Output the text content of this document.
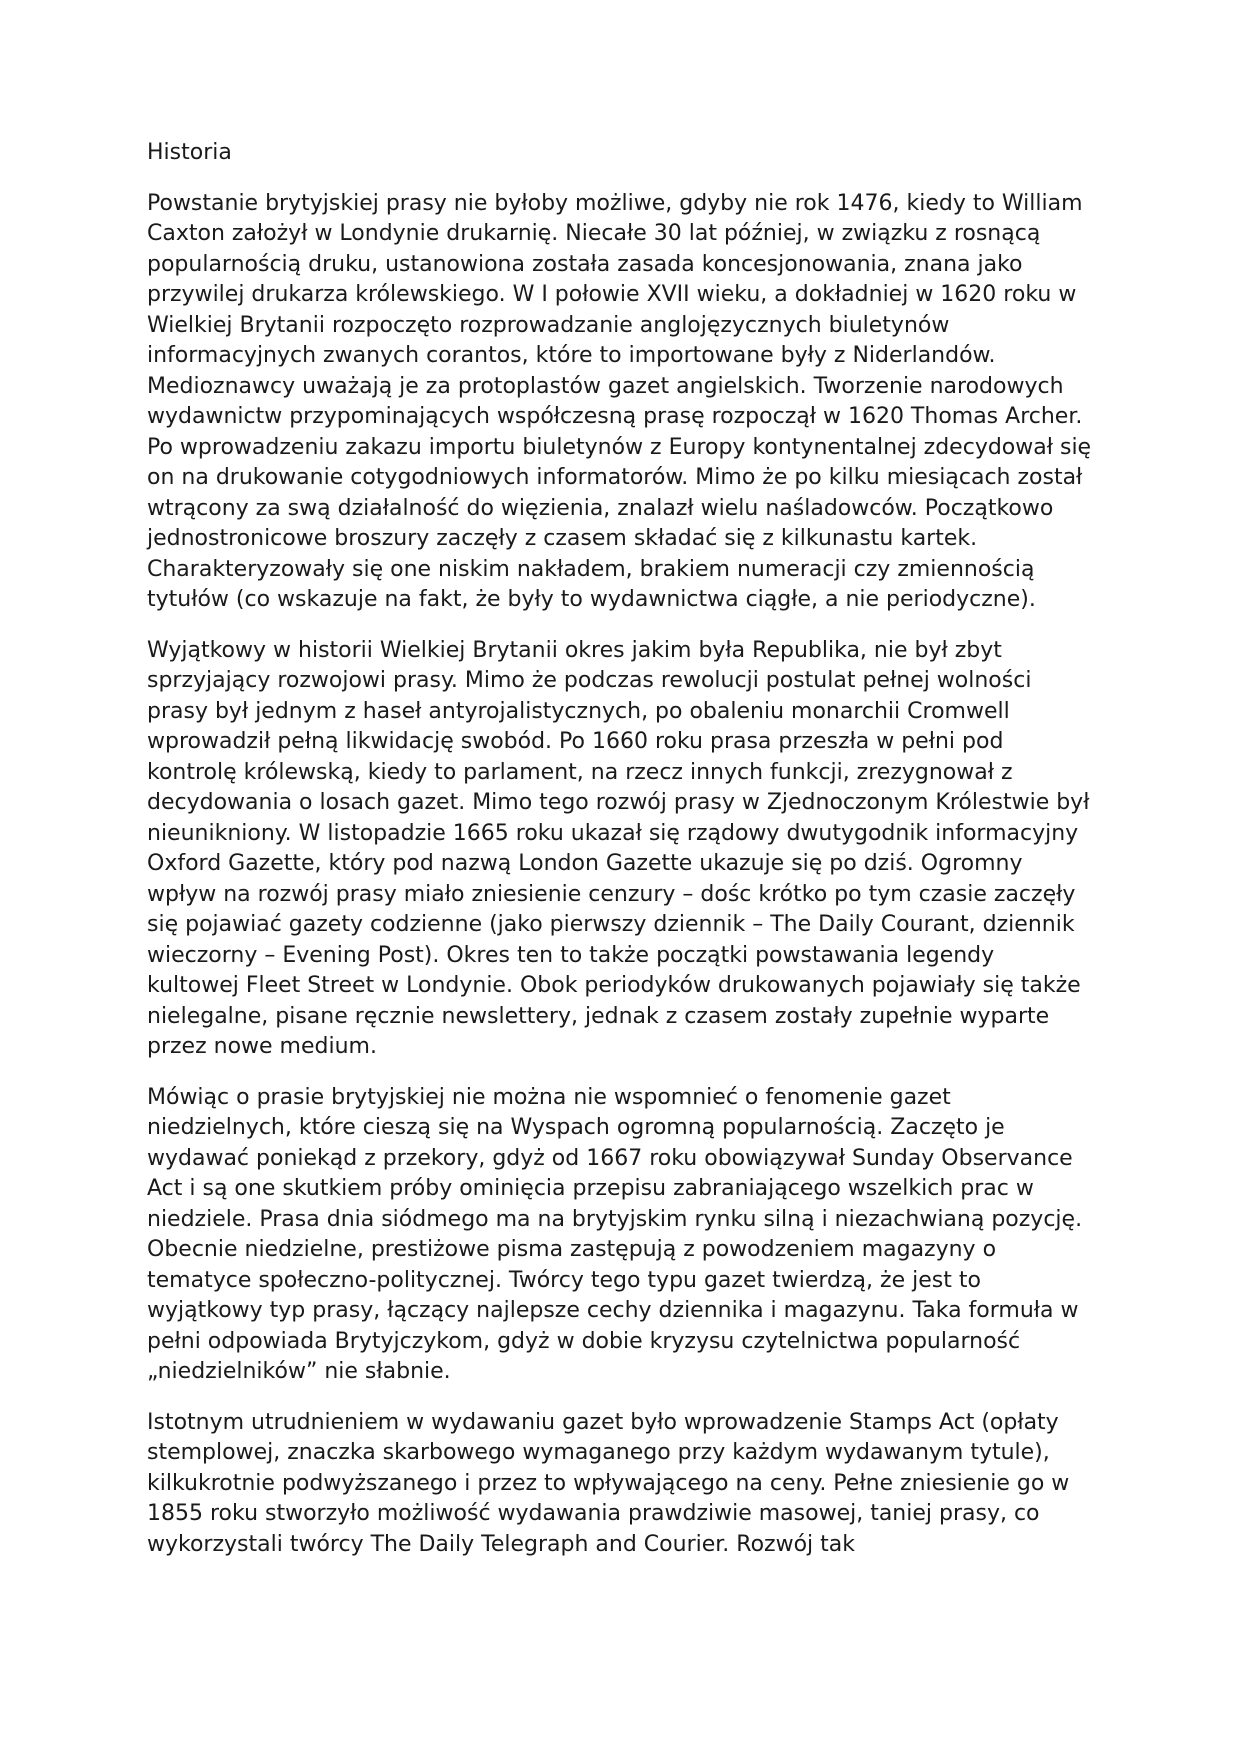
Historia

Powstanie brytyjskiej prasy nie byłoby możliwe, gdyby nie rok 1476, kiedy to William Caxton założył w Londynie drukarnię. Niecałe 30 lat później, w związku z rosnącą popularnością druku, ustanowiona została zasada koncesjonowania, znana jako przywilej drukarza królewskiego. W I połowie XVII wieku, a dokładniej w 1620 roku w Wielkiej Brytanii rozpoczęto rozprowadzanie anglojęzycznych biuletynów informacyjnych zwanych corantos, które to importowane były z Niderlandów. Medioznawcy uważają je za protoplastów gazet angielskich. Tworzenie narodowych wydawnictw przypominających współczesną prasę rozpoczął w 1620 Thomas Archer. Po wprowadzeniu zakazu importu biuletynów z Europy kontynentalnej zdecydował się on na drukowanie cotygodniowych informatorów. Mimo że po kilku miesiącach został wtrącony za swą działalność do więzienia, znalazł wielu naśladowców. Początkowo jednostronicowe broszury zaczęły z czasem składać się z kilkunastu kartek. Charakteryzowały się one niskim nakładem, brakiem numeracji czy zmiennością tytułów (co wskazuje na fakt, że były to wydawnictwa ciągłe, a nie periodyczne).

Wyjątkowy w historii Wielkiej Brytanii okres jakim była Republika, nie był zbyt sprzyjający rozwojowi prasy. Mimo że podczas rewolucji postulat pełnej wolności prasy był jednym z haseł antyrojalistycznych, po obaleniu monarchii Cromwell wprowadził pełną likwidację swobód. Po 1660 roku prasa przeszła w pełni pod kontrolę królewską, kiedy to parlament, na rzecz innych funkcji, zrezygnował z decydowania o losach gazet. Mimo tego rozwój prasy w Zjednoczonym Królestwie był nieunikniony. W listopadzie 1665 roku ukazał się rządowy dwutygodnik informacyjny Oxford Gazette, który pod nazwą London Gazette ukazuje się po dziś. Ogromny wpływ na rozwój prasy miało zniesienie cenzury – dośc krótko po tym czasie zaczęły się pojawiać gazety codzienne (jako pierwszy dziennik – The Daily Courant, dziennik wieczorny – Evening Post). Okres ten to także początki powstawania legendy kultowej Fleet Street w Londynie. Obok periodyków drukowanych pojawiały się także nielegalne, pisane ręcznie newslettery, jednak z czasem zostały zupełnie wyparte przez nowe medium.

Mówiąc o prasie brytyjskiej nie można nie wspomnieć o fenomenie gazet niedzielnych, które cieszą się na Wyspach ogromną popularnością. Zaczęto je wydawać poniekąd z przekory, gdyż od 1667 roku obowiązywał Sunday Observance Act i są one skutkiem próby ominięcia przepisu zabraniającego wszelkich prac w niedziele. Prasa dnia siódmego ma na brytyjskim rynku silną i niezachwianą pozycję. Obecnie niedzielne, prestiżowe pisma zastępują z powodzeniem magazyny o tematyce społeczno-politycznej. Twórcy tego typu gazet twierdzą, że jest to wyjątkowy typ prasy, łączący najlepsze cechy dziennika i magazynu. Taka formuła w pełni odpowiada Brytyjczykom, gdyż w dobie kryzysu czytelnictwa popularność „niedzielników” nie słabnie.

Istotnym utrudnieniem w wydawaniu gazet było wprowadzenie Stamps Act (opłaty stemplowej, znaczka skarbowego wymaganego przy każdym wydawanym tytule), kilkukrotnie podwyższanego i przez to wpływającego na ceny. Pełne zniesienie go w 1855 roku stworzyło możliwość wydawania prawdziwie masowej, taniej prasy, co wykorzystali twórcy The Daily Telegraph and Courier. Rozwój tak
